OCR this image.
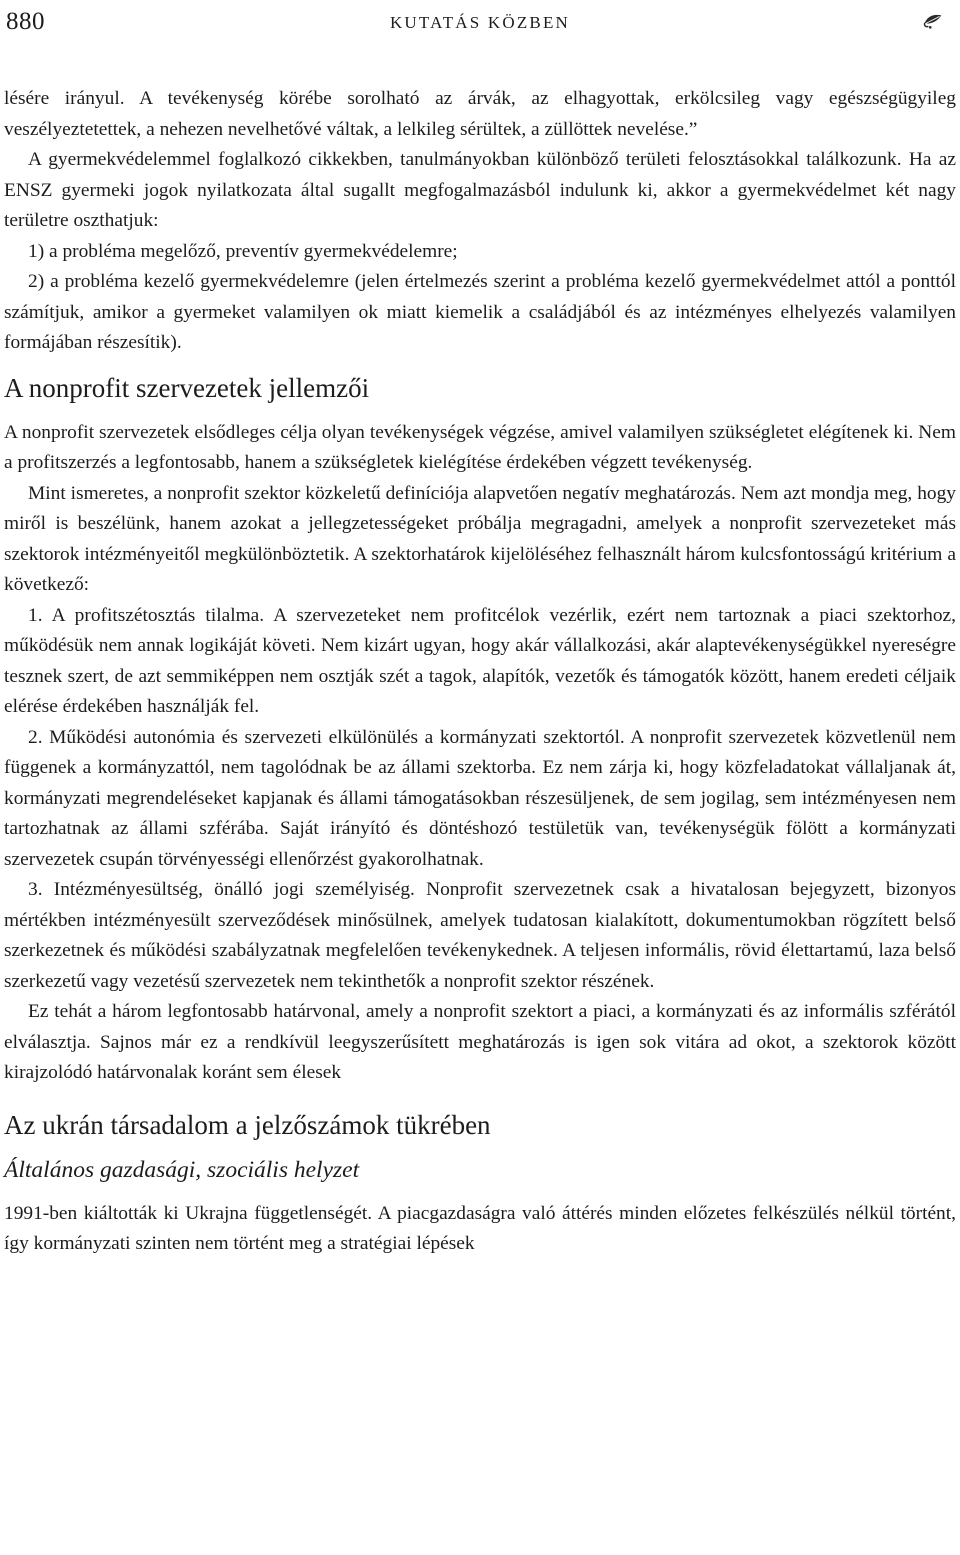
880	KUTATÁS KÖZBEN

lésére irányul. A tevékenység körébe sorolható az árvák, az elhagyottak, erkölcsileg vagy egészségügyileg veszélyeztetettek, a nehezen nevelhetővé váltak, a lelkileg sérültek, a züllöttek nevelése.”

A gyermekvédelemmel foglalkozó cikkekben, tanulmányokban különböző területi felosztásokkal találkozunk. Ha az ENSZ gyermeki jogok nyilatkozata által sugallt megfogalmazásból indulunk ki, akkor a gyermekvédelmet két nagy területre oszthatjuk:

1) a probléma megelőző, preventív gyermekvédelemre;

2) a probléma kezelő gyermekvédelemre (jelen értelmezés szerint a probléma kezelő gyermekvédelmet attól a ponttól számítjuk, amikor a gyermeket valamilyen ok miatt kiemelik a családjából és az intézményes elhelyezés valamilyen formájában részesítik).

A nonprofit szervezetek jellemzői

A nonprofit szervezetek elsődleges célja olyan tevékenységek végzése, amivel valamilyen szükségletet elégítenek ki. Nem a profitszerzés a legfontosabb, hanem a szükségletek kielégítése érdekében végzett tevékenység.

Mint ismeretes, a nonprofit szektor közkeletű definíciója alapvetően negatív meghatározás. Nem azt mondja meg, hogy miről is beszélünk, hanem azokat a jellegzetességeket próbálja megragadni, amelyek a nonprofit szervezeteket más szektorok intézményeitől megkülönböztetik. A szektorhatárok kijelöléséhez felhasznált három kulcsfontosságú kritérium a következő:

1. A profitszétosztás tilalma. A szervezeteket nem profitcélok vezérlik, ezért nem tartoznak a piaci szektorhoz, működésük nem annak logikáját követi. Nem kizárt ugyan, hogy akár vállalkozási, akár alaptevékenységükkel nyereségre tesznek szert, de azt semmiképpen nem osztják szét a tagok, alapítók, vezetők és támogatók között, hanem eredeti céljaik elérése érdekében használják fel.

2. Működési autonómia és szervezeti elkülönülés a kormányzati szektortól. A nonprofit szervezetek közvetlenül nem függenek a kormányzattól, nem tagolódnak be az állami szektorba. Ez nem zárja ki, hogy közfeladatokat vállaljanak át, kormányzati megrendeléseket kapjanak és állami támogatásokban részesüljenek, de sem jogilag, sem intézményesen nem tartozhatnak az állami szférába. Saját irányító és döntéshozó testületük van, tevékenységük fölött a kormányzati szervezetek csupán törvényességi ellenőrzést gyakorolhatnak.

3. Intézményesültség, önálló jogi személyiség. Nonprofit szervezetnek csak a hivatalosan bejegyzett, bizonyos mértékben intézményesült szerveződések minősülnek, amelyek tudatosan kialakított, dokumentumokban rögzített belső szerkezetnek és működési szabályzatnak megfelelően tevékenykednek. A teljesen informális, rövid élettartamú, laza belső szerkezetű vagy vezetésű szervezetek nem tekinthetők a nonprofit szektor részének.

Ez tehát a három legfontosabb határvonal, amely a nonprofit szektort a piaci, a kormányzati és az informális szférától elválasztja. Sajnos már ez a rendkívül leegyszerűsített meghatározás is igen sok vitára ad okot, a szektorok között kirajzolódó határvonalak koránt sem élesek

Az ukrán társadalom a jelzőszámok tükrében
Általános gazdasági, szociális helyzet

1991-ben kiáltották ki Ukrajna függetlenségét. A piacgazdaságra való áttérés minden előzetes felkészülés nélkül történt, így kormányzati szinten nem történt meg a stratégiai lépések
